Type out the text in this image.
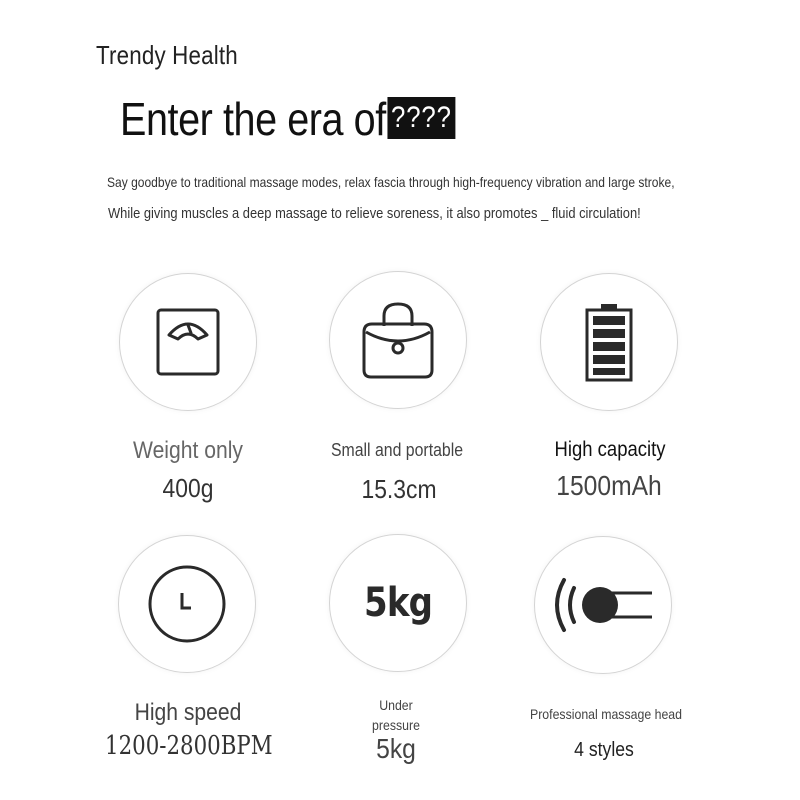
Trendy Health
Enter the era of ????
Say goodbye to traditional massage modes, relax fascia through high-frequency vibration and large stroke,
While giving muscles a deep massage to relieve soreness, it also promotes _ fluid circulation!
Weight only
400g
Small and portable
15.3cm
High capacity
1500mAh
5kg
High speed
1200-2800BPM
Under
pressure
5kg
Professional massage head
4 styles
